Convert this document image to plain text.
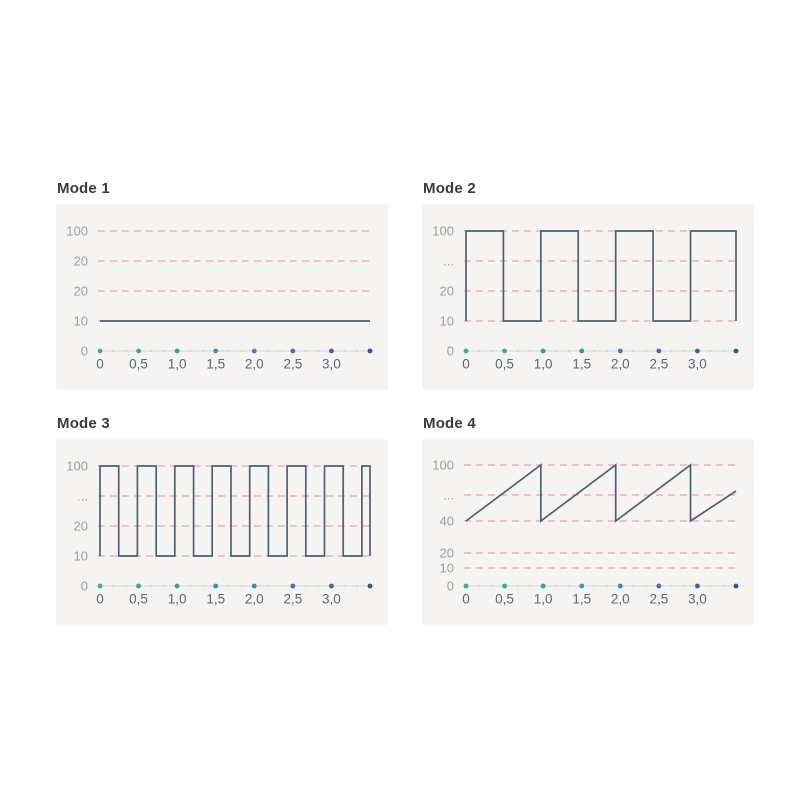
Mode 1
100
20
20
10
0
0 0,5 1,0 1,5 2,0 2,5 3,0
Mode 2
100
...
20
10
0
0 0,5 1,0 1,5 2,0 2,5 3,0
Mode 3
100
...
20
10
0
0 0,5 1,0 1,5 2,0 2,5 3,0
Mode 4
100
...
40
20
10
0
0 0,5 1,0 1,5 2,0 2,5 3,0
